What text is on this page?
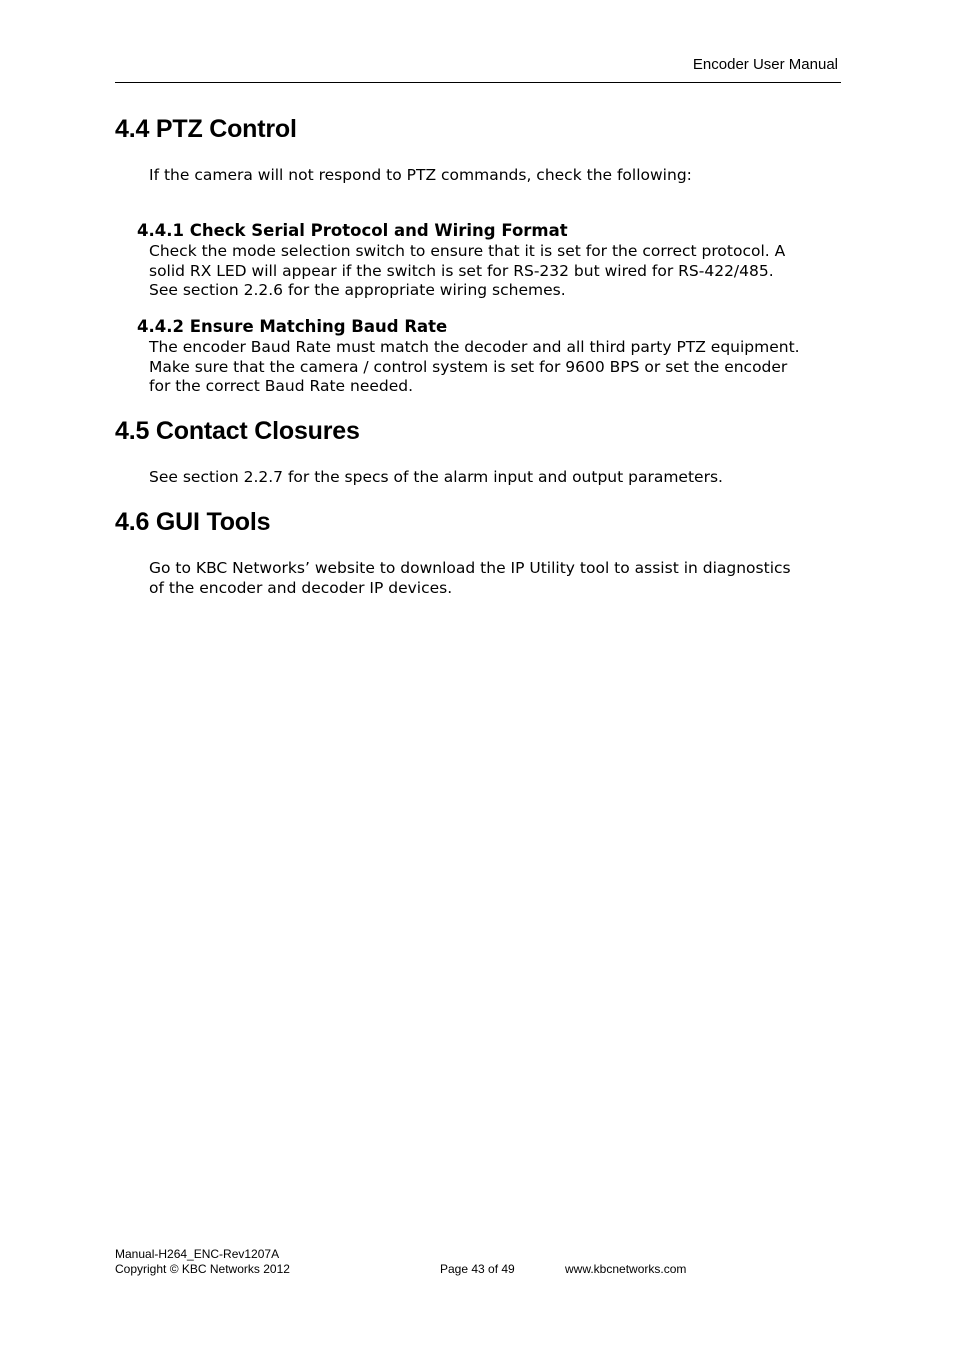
Encoder User Manual
4.4 PTZ Control

If the camera will not respond to PTZ commands, check the following:

4.4.1 Check Serial Protocol and Wiring Format

Check the mode selection switch to ensure that it is set for the correct protocol. A
solid RX LED will appear if the switch is set for RS-232 but wired for RS-422/485.
See section 2.2.6 for the appropriate wiring schemes.

4.4.2 Ensure Matching Baud Rate

The encoder Baud Rate must match the decoder and all third party PTZ equipment.
Make sure that the camera / control system is set for 9600 BPS or set the encoder
for the correct Baud Rate needed.

4.5 Contact Closures

See section 2.2.7 for the specs of the alarm input and output parameters.

4.6 GUI Tools

Go to KBC Networks’ website to download the IP Utility tool to assist in diagnostics
of the encoder and decoder IP devices.

Manual-H264_ENC-Rev1207A
Copyright © KBC Networks 2012	Page 43 of 49	www.kbcnetworks.com
